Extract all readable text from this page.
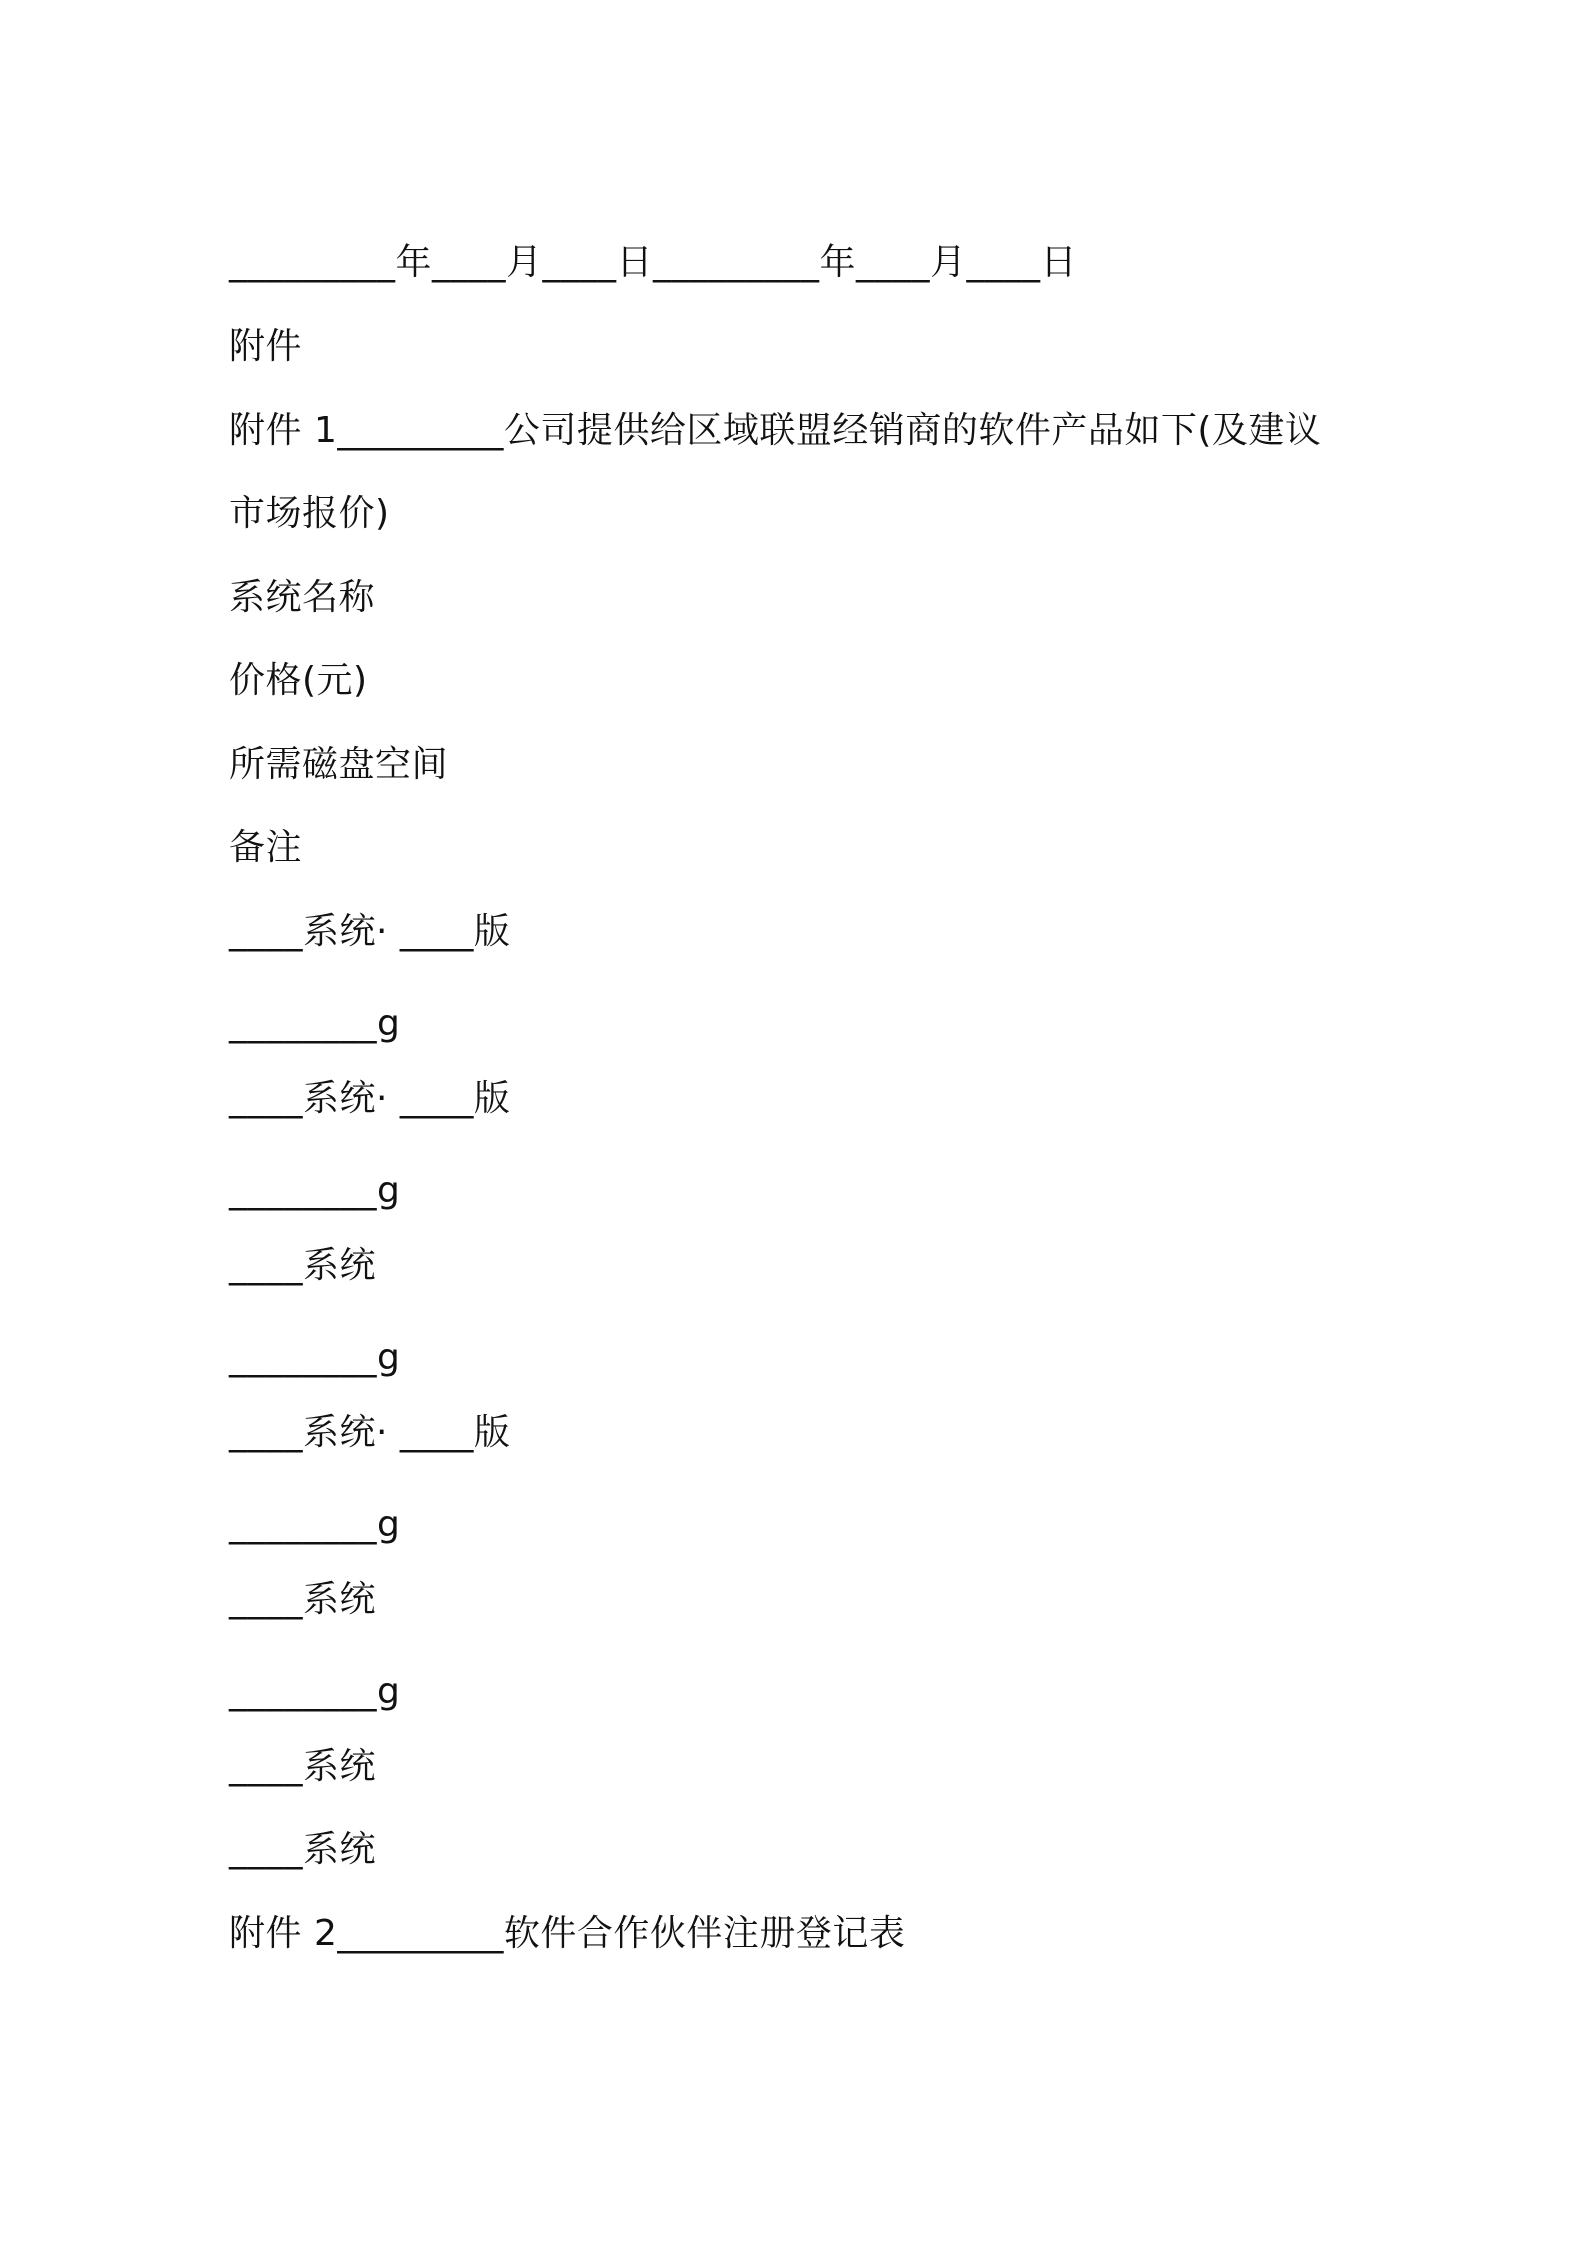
_________年____月____日_________年____月____日
附件
附件 1_________公司提供给区域联盟经销商的软件产品如下(及建议
市场报价)
系统名称
价格(元)
所需磁盘空间
备注
____系统· ____版
________g
____系统· ____版
________g
____系统
________g
____系统· ____版
________g
____系统
________g
____系统
____系统
附件 2_________软件合作伙伴注册登记表
